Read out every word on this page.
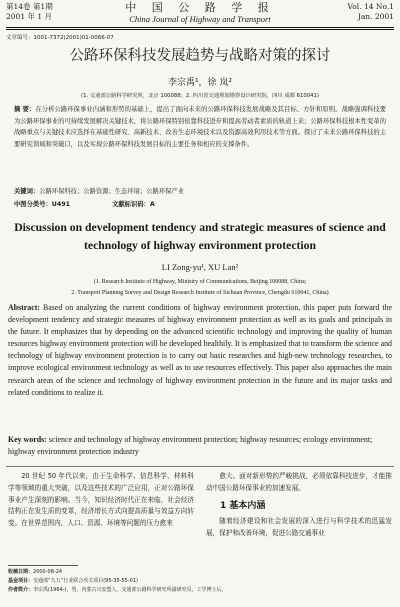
第14卷 第1期
2001 年 1 月
中 国 公 路 学 报
China Journal of Highway and Transport
Vol. 14 No.1
Jan. 2001
文章编号：1001-7372(2001)01-0066-07
公路环保科技发展趋势与战略对策的探讨
李宗禹¹，徐 岚²
(1. 交通部公路科学研究所，北京 100088；2. 四川省交通规划勘察设计研究院，四川 成都 610041)
摘 要：在分析公路环保事业内涵和形势的基础上，提出了面向未来的公路环保科技发展战略及其目标、方针和原则。战略强调科技要为公路环保事业的可持续发展解决关键技术，将公路环保特别依靠科技进步和提高劳动者素质的轨道上来；公路环保科技根本性变革的战略重点与关键技术应选择在基础性研究、高新技术、改善生态环境技术以及资源高效利用技术等方面。探讨了未来公路环保科技的主要研究领域和突破口，以及实现公路环保科技发展目标的主要任务和相应的支撑条件。
关键词：公路环保科技；公路资源；生态环境；公路环保产业
中图分类号：U491	文献标识码：A
Discussion on development tendency and strategic measures of science and technology of highway environment protection
LI Zong-yu¹, XU Lan²
(1. Research Institute of Highway, Ministry of Communications, Beijing 100088, China;
2. Transport Planning Survey and Design Research Institute of Sichuan Province, Chengdu 610041, China)
Abstract: Based on analyzing the current conditions of highway environment protection, this paper puts forward the development tendency and strategic measures of highway environment protection as well as its goals and principals in the future. It emphasizes that by depending on the advanced scientific technology and improving the quality of human resources highway environment protection will be developed healthily. It is emphasized that to transform the science and technology of highway environment protection is to carry out basic researches and high-new technology researches, to improve ecological environment technology as well as to use resources effectively. This paper also approaches the main research areas of the science and technology of highway environment protection in the future and its major tasks and related conditions to realize it.
Key words: science and technology of highway environment protection; highway resources; ecology environment; highway environment protection industry
20 世纪 50 年代以来，由于生命科学、信息科学、材料科学等领域的重大突破，以及这些技术的广泛应用，正对公路环保事业产生深刻的影响。当今，知识经济时代正在来临，社会经济结构正在发生质的变革，经济增长方式向提高质量与效益方向转变。在世界范围内，人口、资源、环境等问题的压力愈来
愈大。面对新形势的严峻挑战，必须依靠科技进步，才能推动中国公路环保事业的加速发展。
1 基本内涵
随着经济建设和社会发展的深入进行与科学技术的迅猛发展，保护和改善环境，促进公路交通事业
收稿日期：2000-08-24
基金项目：交通部“九五”行业联合攻关项目(95-35-55-01)
作者简介：李宗禹(1964-)，男，内蒙古兴安盟人，交通部公路科学研究所副研究员，工学博士后。
